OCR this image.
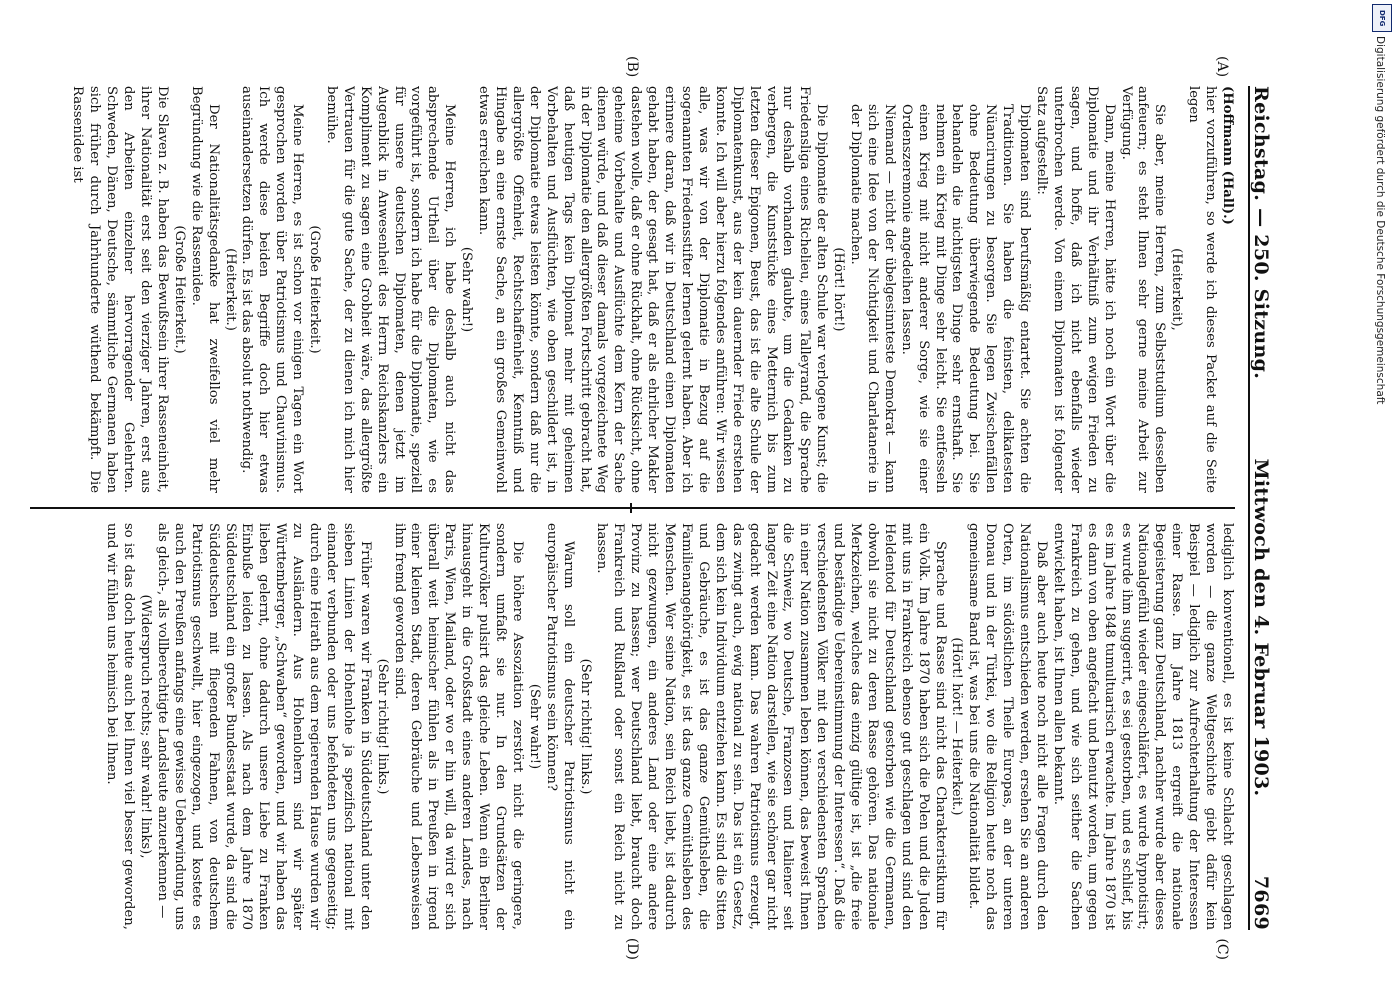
Reichstag. — 250. Sitzung.
Mittwoch den 4. Februar 1903.
7669

(Hoffmann (Hall).)

hier vorzuführen, so werde ich dieses Packet auf die Seite legen

(Heiterkeit),

Sie aber, meine Herren, zum Selbststudium desselben anfeuern; es steht Ihnen sehr gerne meine Arbeit zur Verfügung.

Dann, meine Herren, hätte ich noch ein Wort über die Diplomatie und ihr Verhältniß zum ewigen Frieden zu sagen, und hoffe, daß ich nicht ebenfalls wieder unterbrochen werde. Von einem Diplomaten ist folgender Satz aufgestellt:

Diplomaten sind berufsmäßig entartet. Sie achten die Traditionen. Sie haben die feinsten, delikatesten Nüancirungen zu besorgen. Sie legen Zwischenfällen ohne Bedeutung überwiegende Bedeutung bei. Sie behandeln die nichtigsten Dinge sehr ernsthaft. Sie nehmen ein Krieg mit Dinge sehr leicht. Sie entfesseln einen Krieg mit nicht anderer Sorge, wie sie einer Ordenszeremonie angedeihen lassen.

Niemand — nicht der übelgesinnteste Demokrat — kann sich eine Idee von der Nichtigkeit und Charlatanerie in der Diplomatie machen.

(Hört! hört!)

Die Diplomatie der alten Schule war verlogene Kunst; die Friedensliga eines Richelieu, eines Talleyrand, die Sprache nur deshalb vorhanden glaubte, um die Gedanken zu verbergen, die Kunststücke eines Metternich bis zum letzten dieser Epigonen, Beust, das ist die alte Schule der Diplomatenkunst, aus der kein dauernder Friede erstehen konnte. Ich will aber hierzu folgendes anführen: Wir wissen alle, was wir von der Diplomatie in Bezug auf die sogenannten Friedensstifter lernen gelernt haben. Aber ich erinnere daran, daß wir in Deutschland einen Diplomaten gehabt haben, der gesagt hat, daß er als ehrlicher Makler dastehen wolle, daß er ohne Rückhalt, ohne Rücksicht, ohne geheime Vorbehalte und Ausflüchte dem Kern der Sache dienen würde, und daß dieser damals vorgezeichnete Weg in der Diplomatie den allergrößten Fortschritt gebracht hat, daß heutigen Tags kein Diplomat mehr mit geheimen Vorbehalten und Ausflüchten, wie oben geschildert ist, in der Diplomatie etwas leisten könnte, sondern daß nur die allergrößte Offenheit, Rechtschaffenheit, Kenntniß und Hingabe an eine ernste Sache, an ein großes Gemeinwohl etwas erreichen kann.

(Sehr wahr!)

Meine Herren, ich habe deshalb auch nicht das absprechende Urtheil über die Diplomaten, wie es vorgeführt ist, sondern ich habe für die Diplomatie, speziell für unsere deutschen Diplomaten, denen jetzt im Augenblick in Anwesenheit des Herrn Reichskanzlers ein Kompliment zu sagen eine Grobheit wäre, das allergrößte Vertrauen für die gute Sache, der zu dienen ich mich hier bemühe.

(Große Heiterkeit.)

Meine Herren, es ist schon vor einigen Tagen ein Wort gesprochen worden über Patriotismus und Chauvinismus. Ich werde diese beiden Begriffe doch hier etwas auseinandersetzen dürfen. Es ist das absolut nothwendig.

(Heiterkeit.)

Der Nationalitätsgedanke hat zweifellos viel mehr Begründung wie die Rassenidee.

(Große Heiterkeit.)

Die Slaven z. B. haben das Bewußtsein ihrer Rasseneinheit, ihrer Nationalität erst seit den vierziger Jahren, erst aus den Arbeiten einzelner hervorragender Gelehrten. Schweden, Dänen, Deutsche, sämmtliche Germanen haben sich früher durch Jahrhunderte wüthend bekämpft. Die Rassenidee ist

lediglich konventionell, es ist keine Schlacht geschlagen worden — die ganze Weltgeschichte giebt dafür kein Beispiel — lediglich zur Aufrechterhaltung der Interessen einer Rasse. Im Jahre 1813 ergreift die nationale Begeisterung ganz Deutschland, nachher wurde aber dieses Nationalgefühl wieder eingeschläfert, es wurde hypnotisirt; es wurde ihm suggerirt, es sei gestorben, und es schlief, bis es im Jahre 1848 tumultuarisch erwachte. Im Jahre 1870 ist es dann von oben angefacht und benutzt worden, um gegen Frankreich zu gehen, und wie sich seither die Sachen entwickelt haben, ist Ihnen allen bekannt.

Daß aber auch heute noch nicht alle Fragen durch den Nationalismus entschieden werden, ersehen Sie an anderen Orten, im südöstlichen Theile Europas, an der unteren Donau und in der Türkei, wo die Religion heute noch das gemeinsame Band ist, was bei uns die Nationalität bildet.

(Hört! hört! — Heiterkeit.)

Sprache und Rasse sind nicht das Charakteristikum für ein Volk. Im Jahre 1870 haben sich die Polen und die Juden mit uns in Frankreich ebenso gut geschlagen und sind den Heldentod für Deutschland gestorben wie die Germanen, obwohl sie nicht zu deren Rasse gehören. Das nationale Merkzeichen, welches das einzig gültige ist, ist „die freie und beständige Uebereinstimmung der Interessen“. Daß die verschiedensten Völker mit den verschiedensten Sprachen in einer Nation zusammen leben können, das beweist Ihnen die Schweiz, wo Deutsche, Franzosen und Italiener seit langer Zeit eine Nation darstellen, wie sie schöner gar nicht gedacht werden kann. Das wahren Patriotismus erzeugt, das zwingt auch, ewig national zu sein. Das ist ein Gesetz, dem sich kein Individuum entziehen kann. Es sind die Sitten und Gebräuche, es ist das ganze Gemüthsleben, die Familienangehörigkeit, es ist das ganze Gemüthsleben des Menschen. Wer seine Nation, sein Reich liebt, ist dadurch nicht gezwungen, ein anderes Land oder eine andere Provinz zu hassen; wer Deutschland liebt, braucht doch Frankreich und Rußland oder sonst ein Reich nicht zu hassen.

(Sehr richtig! links.)

Warum soll ein deutscher Patriotismus nicht ein europäischer Patriotismus sein können?

(Sehr wahr!)

Die höhere Assoziation zerstört nicht die geringere, sondern umfaßt sie nur. In den Grundsätzen der Kulturvölker pulsirt das gleiche Leben. Wenn ein Berliner hinausgeht in die Großstadt eines anderen Landes, nach Paris, Wien, Mailand, oder wo er hin will, da wird er sich überall weit heimischer fühlen als in Preußen in irgend einer kleinen Stadt, deren Gebräuche und Lebensweisen ihm fremd geworden sind.

(Sehr richtig! links.)

Früher waren wir Franken in Süddeutschland unter den sieben Linien der Hohenlohe ja spezifisch national mit einander verbunden oder uns befehdeten uns gegenseitig; durch eine Heirath aus dem regierenden Hause wurden wir zu Ausländern. Aus Hohenlohern sind wir später Württemberger, „Schwaben“ geworden, und wir haben das lieben gelernt, ohne dadurch unsere Liebe zu Franken Einbuße leiden zu lassen. Als nach dem Jahre 1870 Süddeutschland ein großer Bundesstaat wurde, da sind die Süddeutschen mit fliegenden Fahnen, von deutschem Patriotismus geschwellt, hier eingezogen, und kostete es auch den Preußen anfangs eine gewisse Ueberwindung, uns als gleich-, als vollberechtigte Landsleute anzuerkennen —

(Widerspruch rechts; sehr wahr! links),

so ist das doch heute auch bei Ihnen viel besser geworden, und wir fühlen uns heimisch bei Ihnen.

(A)
(B)
(C)
(D)
DFG
Digitalisierung gefördert durch die Deutsche Forschungsgemeinschaft
